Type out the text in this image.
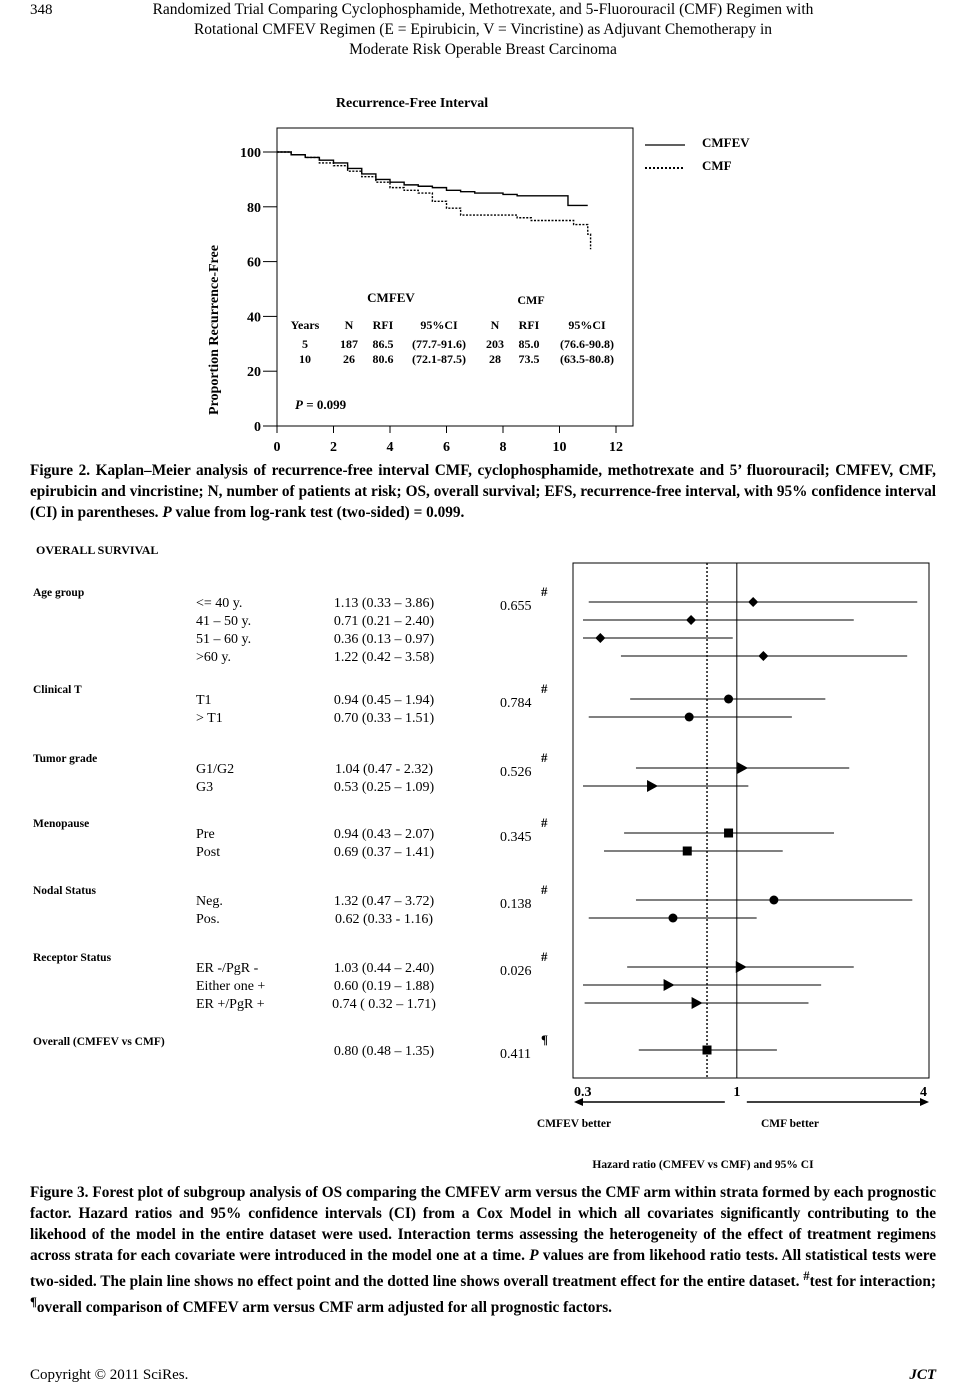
348	Randomized Trial Comparing Cyclophosphamide, Methotrexate, and 5-Fluorouracil (CMF) Regimen with
Rotational CMFEV Regimen (E = Epirubicin, V = Vincristine) as Adjuvant Chemotherapy in
Moderate Risk Operable Breast Carcinoma
Recurrence-Free Interval
0
20
40
60
80
100
0	2	4	6	8	10	12
Proportion Recurrence-Free
CMFEV
CMF
CMFEV	CMF
Years N RFI 95%CI	N RFI 95%CI
5	187 86.5 (77.7-91.6) 203 85.0 (76.6-90.8)
10	26 80.6 (72.1-87.5) 28 73.5 (63.5-80.8)
P = 0.099
Figure 2. Kaplan–Meier analysis of recurrence-free interval CMF, cyclophosphamide, methotrexate and 5’ fluorouracil; CMFEV, CMF, epirubicin and vincristine; N, number of patients at risk; OS, overall survival; EFS, recurrence-free interval, with 95% confidence interval (CI) in parentheses. P value from log-rank test (two-sided) = 0.099.
OVERALL SURVIVAL
Age group
0.655
#
<= 40 y.	1.13 (0.33 – 3.86)
41 – 50 y.	0.71 (0.21 – 2.40)
51 – 60 y.	0.36 (0.13 – 0.97)
>60 y.	1.22 (0.42 – 3.58)
Clinical T
0.784
#
T1	0.94 (0.45 – 1.94)
> T1	0.70 (0.33 – 1.51)
Tumor grade
0.526
#
G1/G2	1.04 (0.47 - 2.32)
G3	0.53 (0.25 – 1.09)
Menopause
0.345
#
Pre	0.94 (0.43 – 2.07)
Post	0.69 (0.37 – 1.41)
Nodal Status
0.138
#
Neg.	1.32 (0.47 – 3.72)
Pos.	0.62 (0.33 - 1.16)
Receptor Status
0.026
#
ER -/PgR -	1.03 (0.44 – 2.40)
Either one +	0.60 (0.19 – 1.88)
ER +/PgR +	0.74 ( 0.32 – 1.71)
Overall (CMFEV vs CMF)
0.411
¶
0.80 (0.48 – 1.35)
0.3	1	4
CMFEV better	CMF better
Hazard ratio (CMFEV vs CMF) and 95% CI
Figure 3. Forest plot of subgroup analysis of OS comparing the CMFEV arm versus the CMF arm within strata formed by each prognostic factor. Hazard ratios and 95% confidence intervals (CI) from a Cox Model in which all covariates significantly contributing to the likehood of the model in the entire dataset were used. Interaction terms assessing the heterogeneity of the effect of treatment regimens across strata for each covariate were introduced in the model one at a time. P values are from likehood ratio tests. All statistical tests were two-sided. The plain line shows no effect point and the dotted line shows overall treatment effect for the entire dataset. #test for interaction; ¶overall comparison of CMFEV arm versus CMF arm adjusted for all prognostic factors.
Copyright © 2011 SciRes.	JCT
